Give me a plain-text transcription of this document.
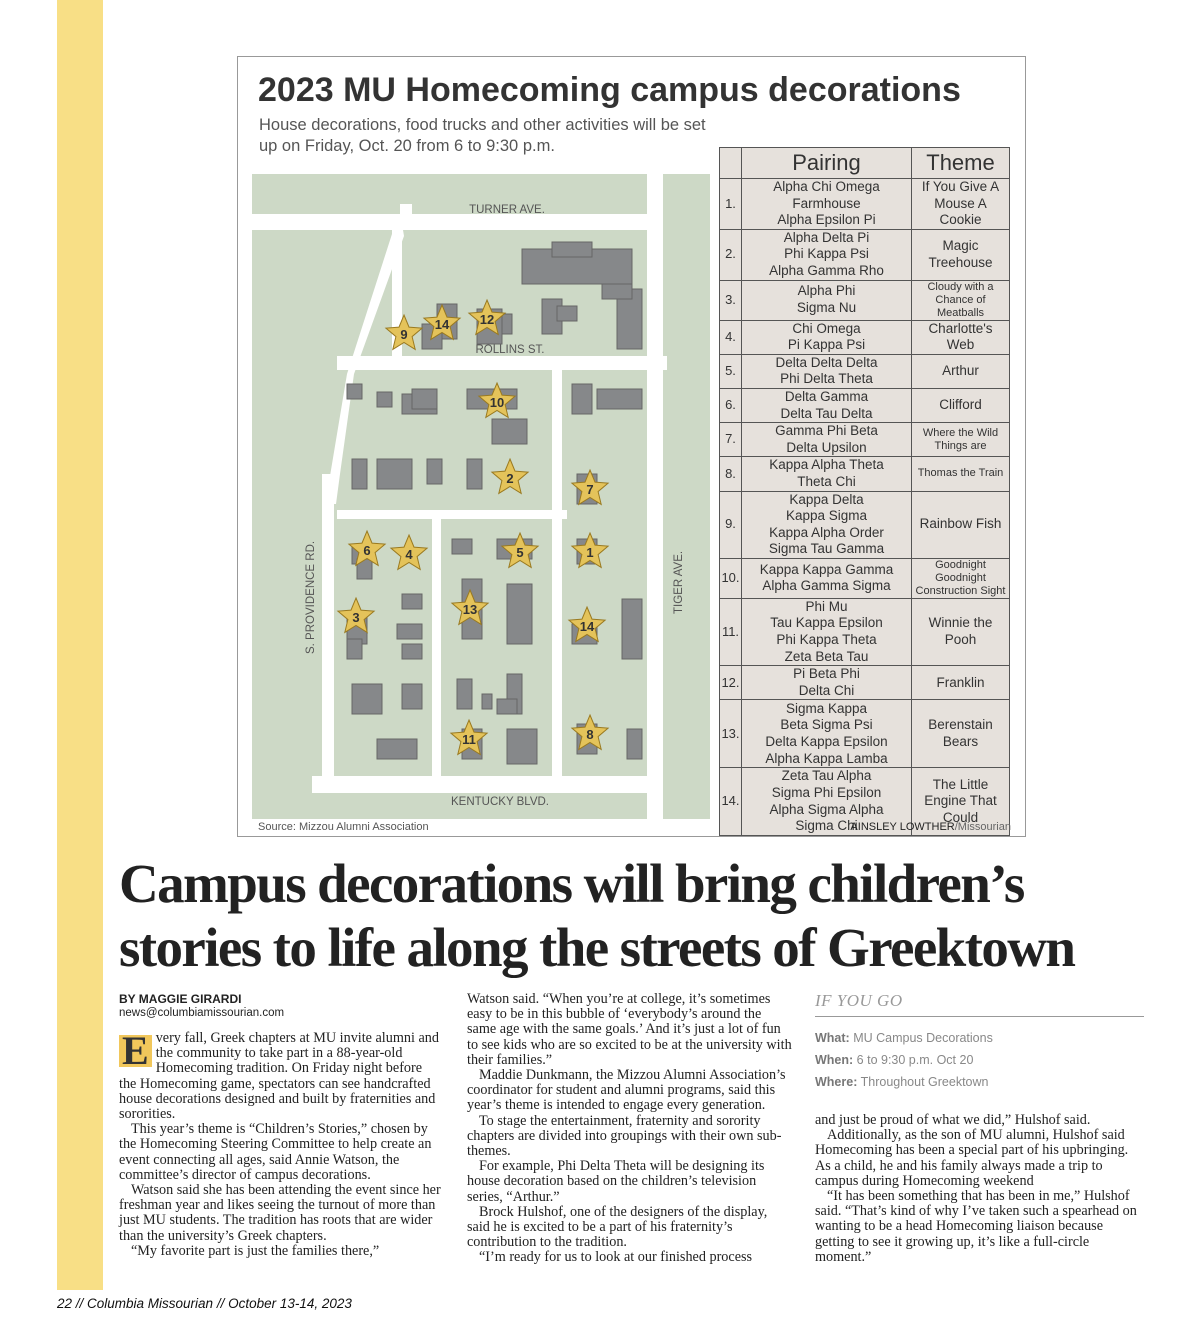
2023 MU Homecoming campus decorations
House decorations, food trucks and other activities will be set up on Friday, Oct. 20 from 6 to 9:30 p.m.
TURNER AVE.
ROLLINS ST.
KENTUCKY BLVD.
S. PROVIDENCE RD.	TIGER AVE.
9
14 12
10
2
7
6	4	5	1
3
13
14
11	8
	Pairing	Theme
1.	Alpha Chi Omega
Farmhouse
Alpha Epsilon Pi	If You Give A Mouse A Cookie
2.	Alpha Delta Pi
Phi Kappa Psi
Alpha Gamma Rho	Magic Treehouse
3.	Alpha Phi
Sigma Nu	Cloudy with a Chance of Meatballs
4.	Chi Omega
Pi Kappa Psi	Charlotte's Web
5.	Delta Delta Delta
Phi Delta Theta	Arthur
6.	Delta Gamma
Delta Tau Delta	Clifford
7.	Gamma Phi Beta
Delta Upsilon	Where the Wild Things are
8.	Kappa Alpha Theta
Theta Chi	Thomas the Train
9.	Kappa Delta
Kappa Sigma
Kappa Alpha Order
Sigma Tau Gamma	Rainbow Fish
10.	Kappa Kappa Gamma
Alpha Gamma Sigma	Goodnight Goodnight Construction Sight
11.	Phi Mu
Tau Kappa Epsilon
Phi Kappa Theta
Zeta Beta Tau	Winnie the Pooh
12.	Pi Beta Phi
Delta Chi	Franklin
13.	Sigma Kappa
Beta Sigma Psi
Delta Kappa Epsilon
Alpha Kappa Lamba	Berenstain Bears
14.	Zeta Tau Alpha
Sigma Phi Epsilon
Alpha Sigma Alpha
Sigma Chi	The Little Engine That Could
Source: Mizzou Alumni Association	AINSLEY LOWTHER/Missourian
Campus decorations will bring children’s
stories to life along the streets of Greektown
BY MAGGIE GIRARDI
news@columbiamissourian.com
E very fall, Greek chapters at MU invite alumni and the community to take part in a 88-year-old Homecoming tradition. On Friday night before the Homecoming game, spectators can see handcrafted house decorations designed and built by fraternities and sororities.

This year’s theme is “Children’s Stories,” chosen by the Homecoming Steering Committee to help create an event connecting all ages, said Annie Watson, the committee’s director of campus decorations.

Watson said she has been attending the event since her freshman year and likes seeing the turnout of more than just MU students. The tradition has roots that are wider than the university’s Greek chapters.

“My favorite part is just the families there,”

Watson said. “When you’re at college, it’s sometimes easy to be in this bubble of ‘everybody’s around the same age with the same goals.’ And it’s just a lot of fun to see kids who are so excited to be at the university with their families.”

Maddie Dunkmann, the Mizzou Alumni Association’s coordinator for student and alumni programs, said this year’s theme is intended to engage every generation.

To stage the entertainment, fraternity and sorority chapters are divided into groupings with their own sub-themes.

For example, Phi Delta Theta will be designing its house decoration based on the children’s television series, “Arthur.”

Brock Hulshof, one of the designers of the display, said he is excited to be a part of his fraternity’s contribution to the tradition.

“I’m ready for us to look at our finished process

IF YOU GO
What: MU Campus Decorations
When: 6 to 9:30 p.m. Oct 20
Where: Throughout Greektown

and just be proud of what we did,” Hulshof said.

Additionally, as the son of MU alumni, Hulshof said Homecoming has been a special part of his upbringing. As a child, he and his family always made a trip to campus during Homecoming weekend

“It has been something that has been in me,” Hulshof said. “That’s kind of why I’ve taken such a spearhead on wanting to be a head Homecoming liaison because getting to see it growing up, it’s like a full-circle moment.”

22 // Columbia Missourian // October 13-14, 2023
